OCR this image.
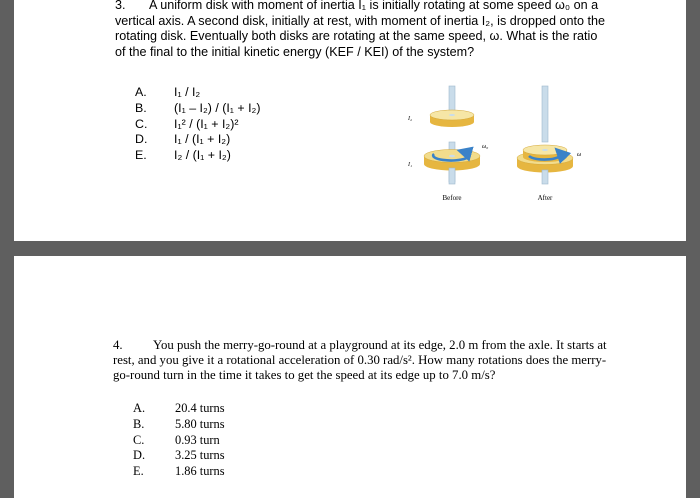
3. A uniform disk with moment of inertia I₁ is initially rotating at some speed ω₀ on a vertical axis. A second disk, initially at rest, with moment of inertia I₂, is dropped onto the rotating disk. Eventually both disks are rotating at the same speed, ω. What is the ratio of the final to the initial kinetic energy (KEF / KEI) of the system?
A.	I₁ / I₂
B.	(I₁ – I₂) / (I₁ + I₂)
C.	I₁² / (I₁ + I₂)²
D.	I₁ / (I₁ + I₂)
E.	I₂ / (I₁ + I₂)
I₂
I₁
ω₀
Before
ω
After
4. You push the merry-go-round at a playground at its edge, 2.0 m from the axle. It starts at rest, and you give it a rotational acceleration of 0.30 rad/s². How many rotations does the merry-go-round turn in the time it takes to get the speed at its edge up to 7.0 m/s?
A.	20.4 turns
B.	5.80 turns
C.	0.93 turn
D.	3.25 turns
E.	1.86 turns
